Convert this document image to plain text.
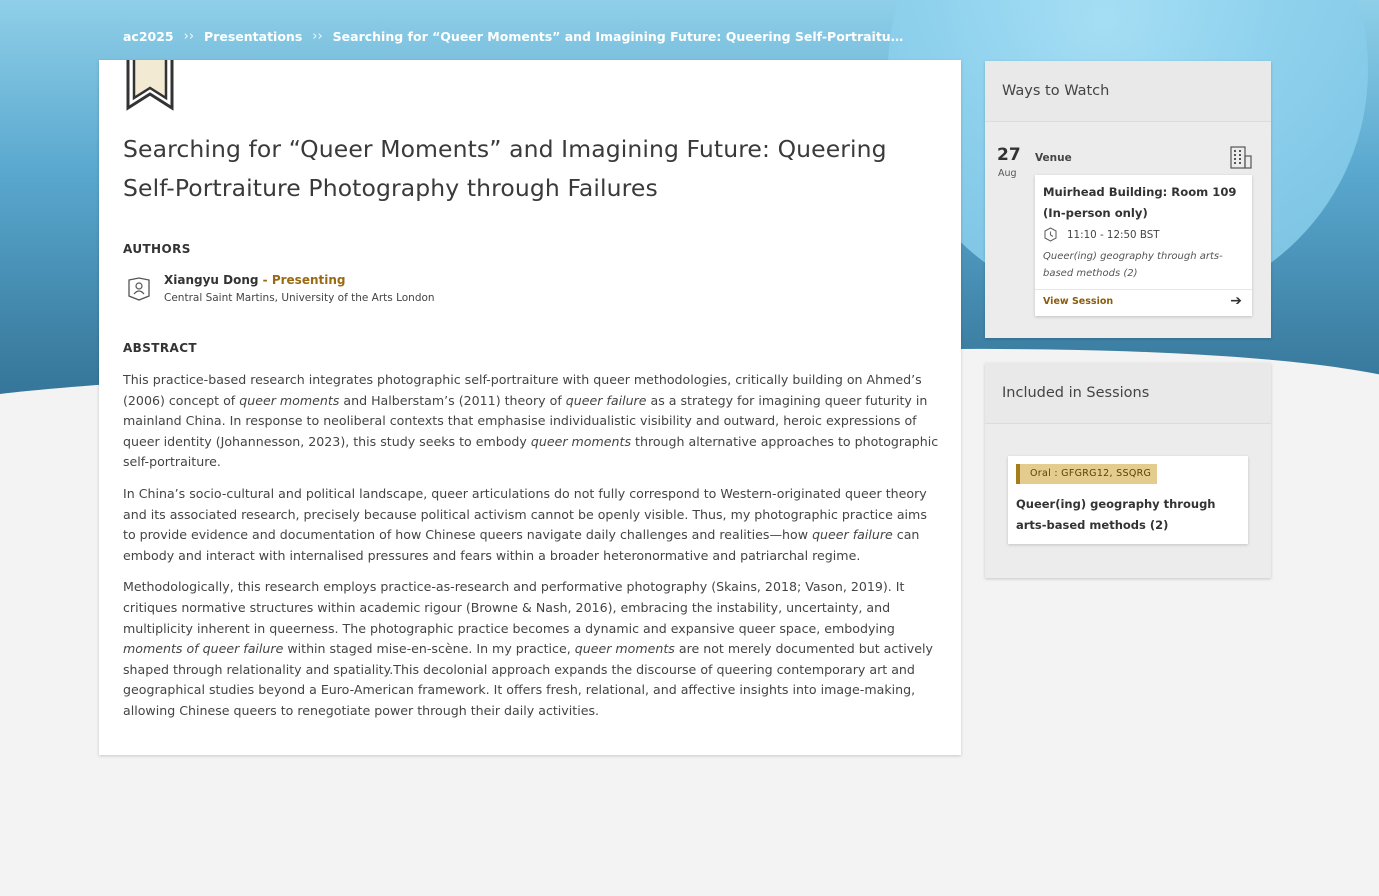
ac2025 ›› Presentations ›› Searching for “Queer Moments” and Imagining Future: Queering Self-Portraitu…
Searching for “Queer Moments” and Imagining Future: Queering Self-Portraiture Photography through Failures
AUTHORS
Xiangyu Dong - Presenting
Central Saint Martins, University of the Arts London
ABSTRACT

This practice-based research integrates photographic self-portraiture with queer methodologies, critically building on Ahmed’s (2006) concept of queer moments and Halberstam’s (2011) theory of queer failure as a strategy for imagining queer futurity in mainland China. In response to neoliberal contexts that emphasise individualistic visibility and outward, heroic expressions of queer identity (Johannesson, 2023), this study seeks to embody queer moments through alternative approaches to photographic self-portraiture.

In China’s socio-cultural and political landscape, queer articulations do not fully correspond to Western-originated queer theory and its associated research, precisely because political activism cannot be openly visible. Thus, my photographic practice aims to provide evidence and documentation of how Chinese queers navigate daily challenges and realities—how queer failure can embody and interact with internalised pressures and fears within a broader heteronormative and patriarchal regime.

Methodologically, this research employs practice-as-research and performative photography (Skains, 2018; Vason, 2019). It critiques normative structures within academic rigour (Browne & Nash, 2016), embracing the instability, uncertainty, and multiplicity inherent in queerness. The photographic practice becomes a dynamic and expansive queer space, embodying moments of queer failure within staged mise-en-scène. In my practice, queer moments are not merely documented but actively shaped through relationality and spatiality.This decolonial approach expands the discourse of queering contemporary art and geographical studies beyond a Euro-American framework. It offers fresh, relational, and affective insights into image-making, allowing Chinese queers to renegotiate power through their daily activities.

Ways to Watch
27
Aug
Venue
Muirhead Building: Room 109 (In-person only)
11:10 - 12:50 BST
Queer(ing) geography through arts-based methods (2)
View Session	➔
Included in Sessions
Oral : GFGRG12, SSQRG
Queer(ing) geography through arts-based methods (2)
